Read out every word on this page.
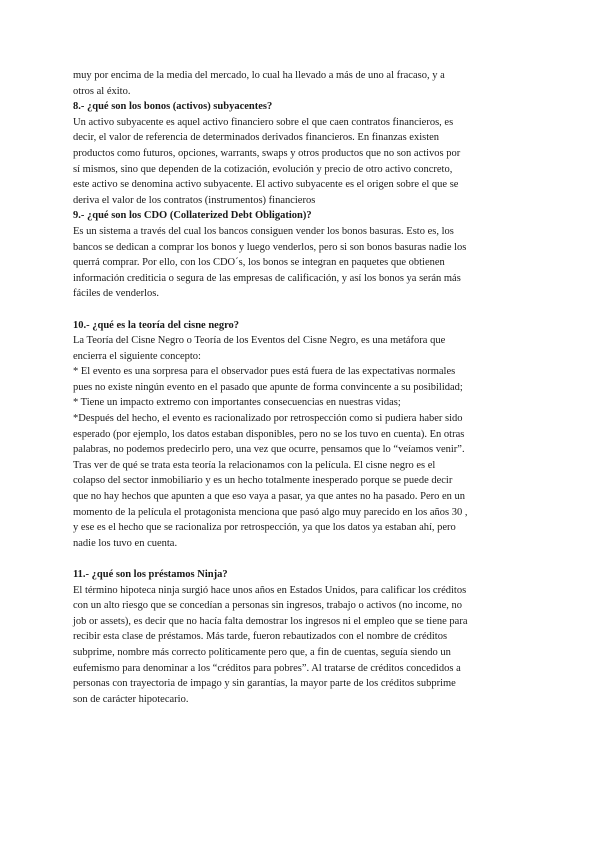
muy por encima de la media del mercado, lo cual ha llevado a más de uno al fracaso, y a

otros al éxito.

8.- ¿qué son los bonos (activos) subyacentes?

Un activo subyacente es aquel activo financiero sobre el que caen contratos financieros, es

decir, el valor de referencia de determinados derivados financieros. En finanzas existen

productos como futuros, opciones, warrants, swaps y otros productos que no son activos por

sí mismos, sino que dependen de la cotización, evolución y precio de otro activo concreto,

este activo se denomina activo subyacente. El activo subyacente es el origen sobre el que se

deriva el valor de los contratos (instrumentos) financieros

9.- ¿qué son los CDO (Collaterized Debt Obligation)?

Es un sistema a través del cual los bancos consiguen vender los bonos basuras. Esto es, los

bancos se dedican a comprar los bonos y luego venderlos, pero si son bonos basuras nadie los

querrá comprar. Por ello, con los CDO´s, los bonos se integran en paquetes que obtienen

información crediticia o segura de las empresas de calificación, y así los bonos ya serán más

fáciles de venderlos.

10.- ¿qué es la teoría del cisne negro?

La Teoría del Cisne Negro o Teoría de los Eventos del Cisne Negro, es una metáfora que

encierra el siguiente concepto:

* El evento es una sorpresa para el observador pues está fuera de las expectativas normales

pues no existe ningún evento en el pasado que apunte de forma convincente a su posibilidad;

* Tiene un impacto extremo con importantes consecuencias en nuestras vidas;

*Después del hecho, el evento es racionalizado por retrospección como si pudiera haber sido

esperado (por ejemplo, los datos estaban disponibles, pero no se los tuvo en cuenta). En otras

palabras, no podemos predecirlo pero, una vez que ocurre, pensamos que lo “veíamos venir”.

Tras ver de qué se trata esta teoría la relacionamos con la película. El cisne negro es el

colapso del sector inmobiliario y es un hecho totalmente inesperado porque se puede decir

que no hay hechos que apunten a que eso vaya a pasar, ya que antes no ha pasado. Pero en un

momento de la película el protagonista menciona que pasó algo muy parecido en los años 30 ,

y ese es el hecho que se racionaliza por retrospección, ya que los datos ya estaban ahí, pero

nadie los tuvo en cuenta.

11.- ¿qué son los préstamos Ninja?

El término hipoteca ninja surgió hace unos años en Estados Unidos, para calificar los créditos

con un alto riesgo que se concedían a personas sin ingresos, trabajo o activos (no income, no

job or assets), es decir que no hacía falta demostrar los ingresos ni el empleo que se tiene para

recibir esta clase de préstamos. Más tarde, fueron rebautizados con el nombre de créditos

subprime, nombre más correcto políticamente pero que, a fin de cuentas, seguía siendo un

eufemismo para denominar a los “créditos para pobres”. Al tratarse de créditos concedidos a

personas con trayectoria de impago y sin garantías, la mayor parte de los créditos subprime

son de carácter hipotecario.
